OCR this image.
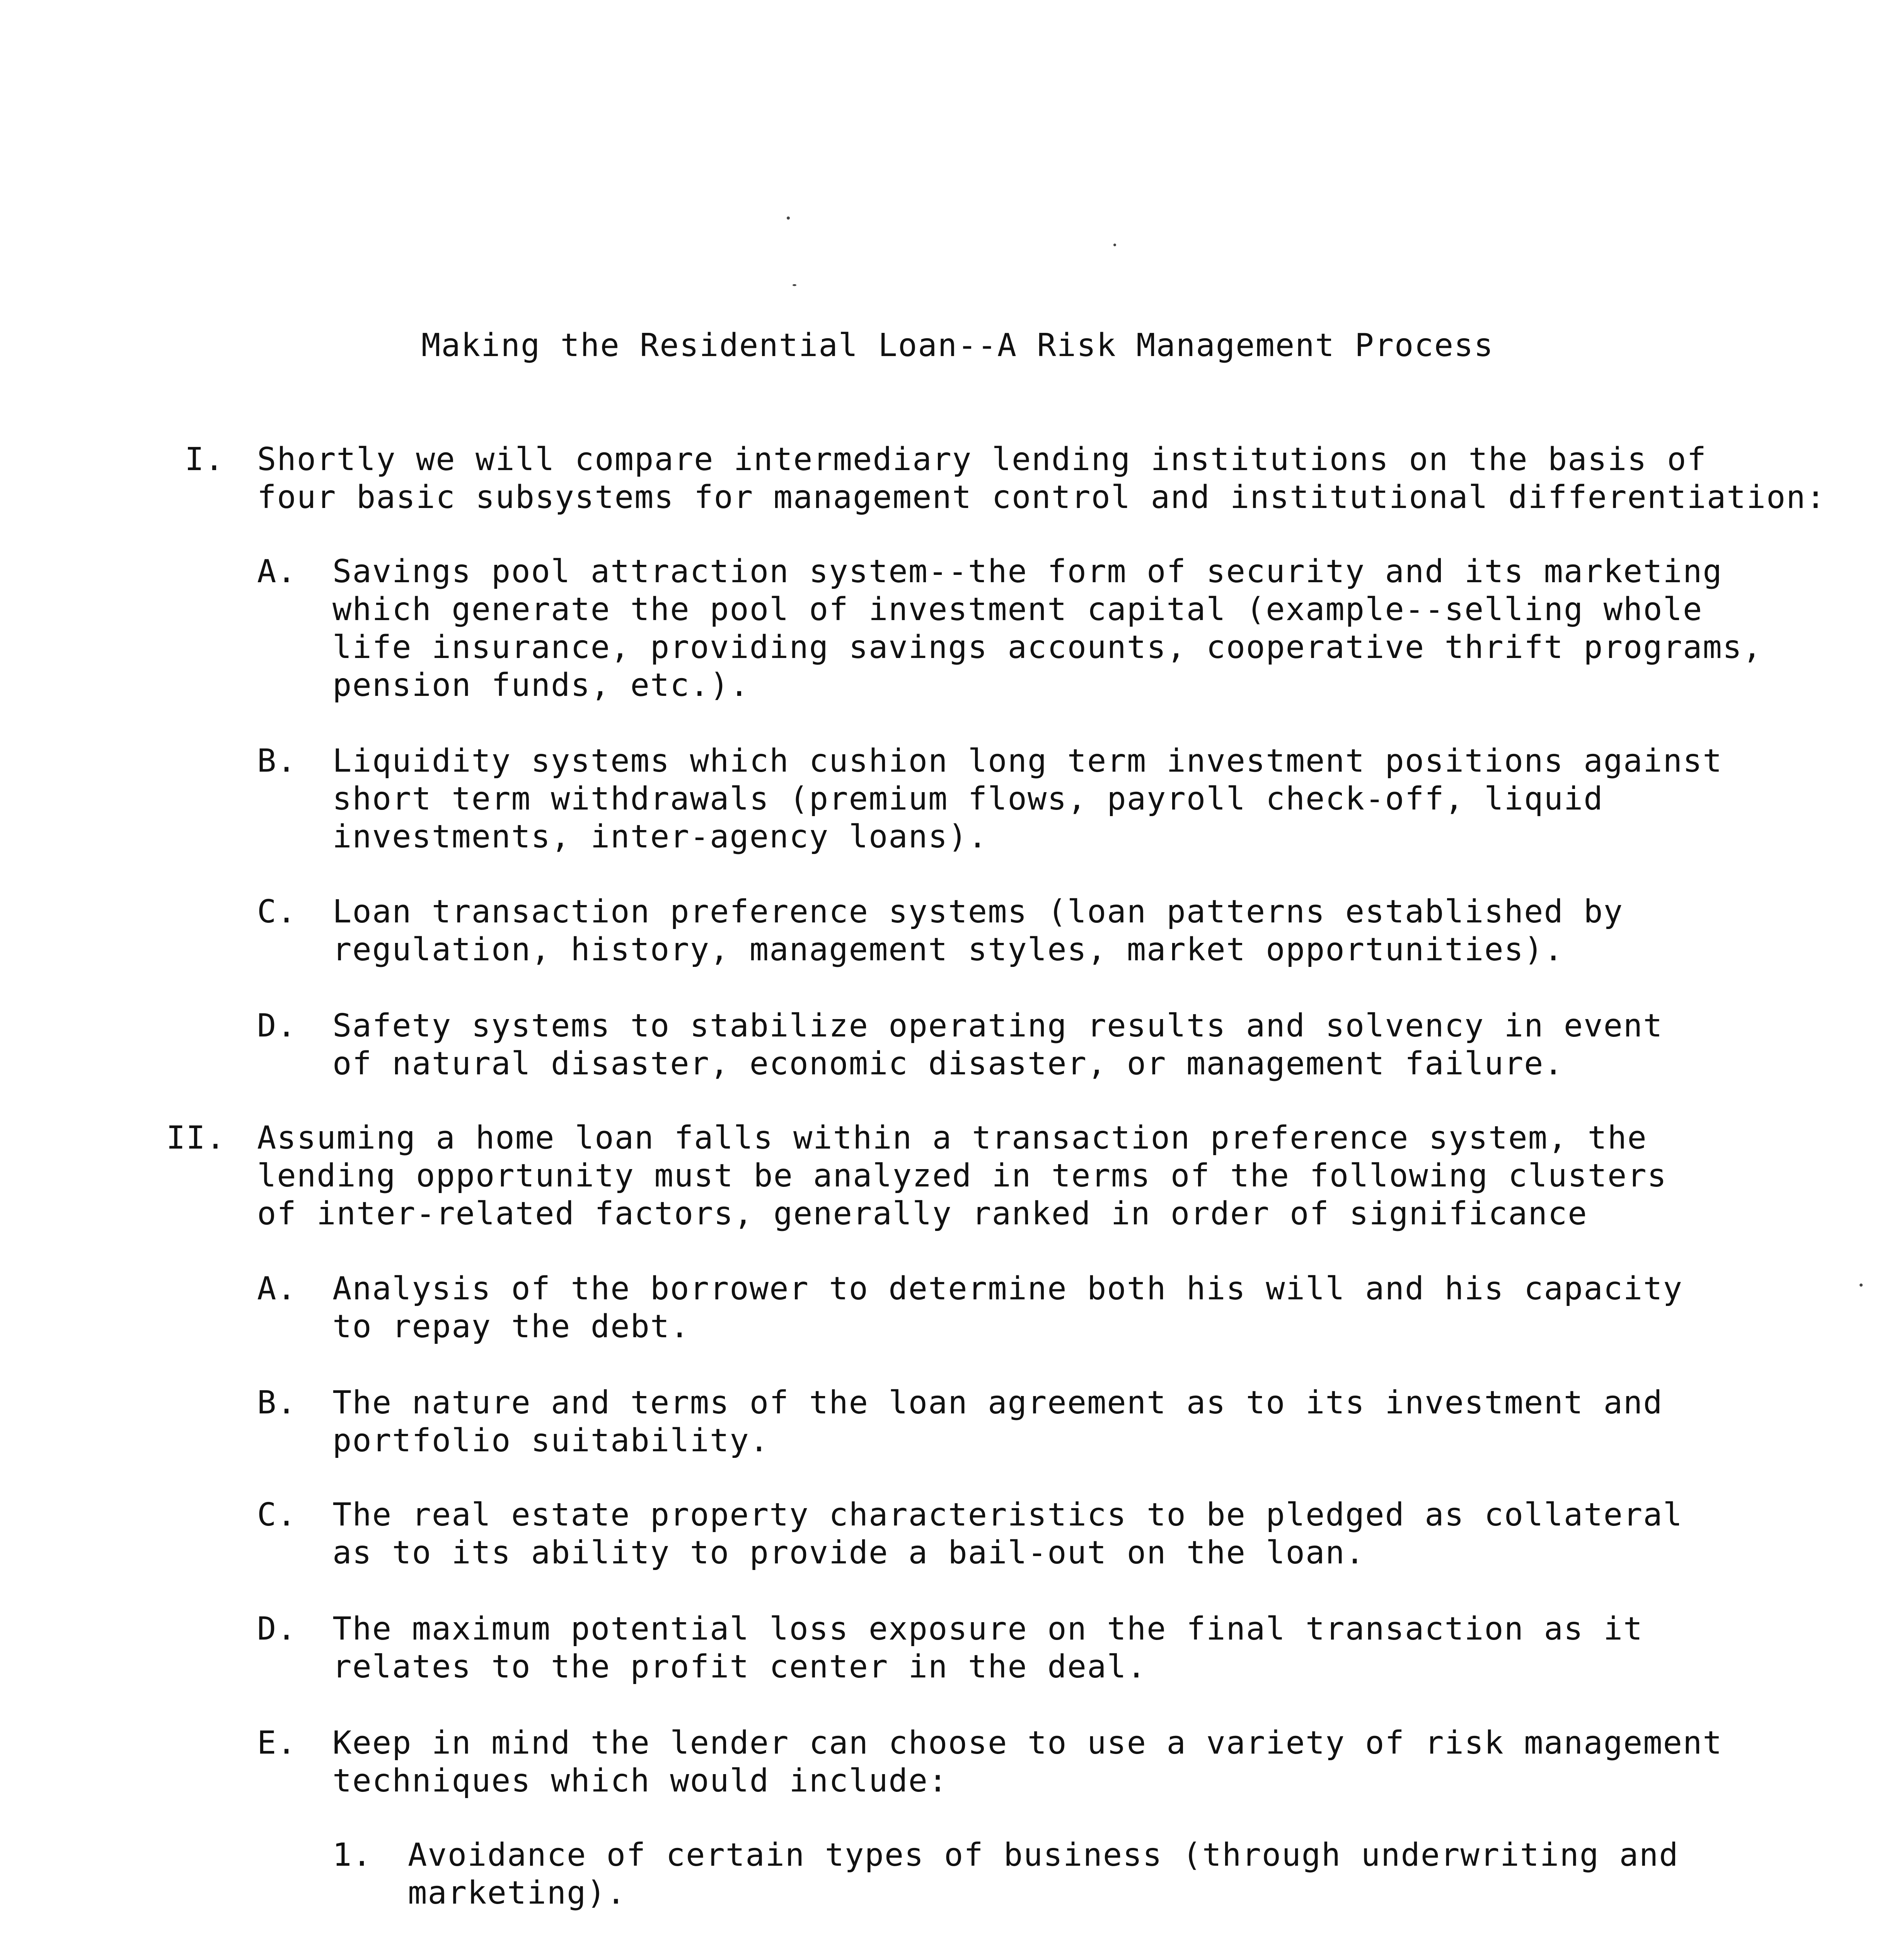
Making the Residential Loan--A Risk Management Process
I. Shortly we will compare intermediary lending institutions on the basis of
four basic subsystems for management control and institutional differentiation:
A. Savings pool attraction system--the form of security and its marketing
which generate the pool of investment capital (example--selling whole
life insurance, providing savings accounts, cooperative thrift programs,
pension funds, etc.).
B. Liquidity systems which cushion long term investment positions against
short term withdrawals (premium flows, payroll check-off, liquid
investments, inter-agency loans).
C. Loan transaction preference systems (loan patterns established by
regulation, history, management styles, market opportunities).
D. Safety systems to stabilize operating results and solvency in event
of natural disaster, economic disaster, or management failure.
II. Assuming a home loan falls within a transaction preference system, the
lending opportunity must be analyzed in terms of the following clusters
of inter-related factors, generally ranked in order of significance
A. Analysis of the borrower to determine both his will and his capacity
to repay the debt.
B. The nature and terms of the loan agreement as to its investment and
portfolio suitability.
C. The real estate property characteristics to be pledged as collateral
as to its ability to provide a bail-out on the loan.
D. The maximum potential loss exposure on the final transaction as it
relates to the profit center in the deal.
E. Keep in mind the lender can choose to use a variety of risk management
techniques which would include:
1. Avoidance of certain types of business (through underwriting and
marketing).
